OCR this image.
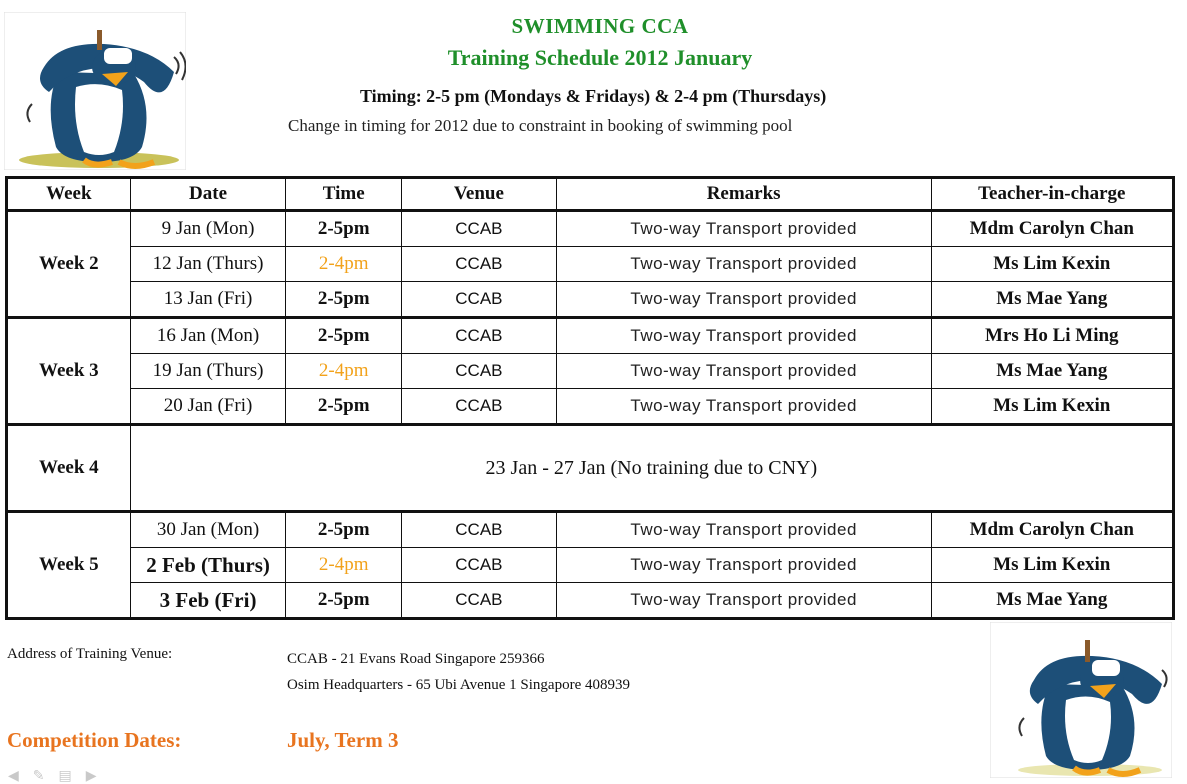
SWIMMING CCA
Training Schedule 2012 January
Timing: 2-5 pm (Mondays & Fridays) & 2-4 pm (Thursdays)
Change in timing for 2012 due to constraint in booking of swimming pool
Week	Date	Time	Venue	Remarks	Teacher-in-charge
Week 2	9 Jan (Mon)	2-5pm	CCAB	Two-way Transport provided	Mdm Carolyn Chan
	12 Jan (Thurs)	2-4pm	CCAB	Two-way Transport provided	Ms Lim Kexin
	13 Jan (Fri)	2-5pm	CCAB	Two-way Transport provided	Ms Mae Yang
Week 3	16 Jan (Mon)	2-5pm	CCAB	Two-way Transport provided	Mrs Ho Li Ming
	19 Jan (Thurs)	2-4pm	CCAB	Two-way Transport provided	Ms Mae Yang
	20 Jan (Fri)	2-5pm	CCAB	Two-way Transport provided	Ms Lim Kexin
Week 4	23 Jan - 27 Jan (No training due to CNY)				
Week 5	30 Jan (Mon)	2-5pm	CCAB	Two-way Transport provided	Mdm Carolyn Chan
	2 Feb (Thurs)	2-4pm	CCAB	Two-way Transport provided	Ms Lim Kexin
	3 Feb (Fri)	2-5pm	CCAB	Two-way Transport provided	Ms Mae Yang
Address of Training Venue:	CCAB - 21 Evans Road Singapore 259366
Osim Headquarters - 65 Ubi Avenue 1 Singapore 408939
Competition Dates:	July, Term 3
◀ ✎ ▤ ▶
